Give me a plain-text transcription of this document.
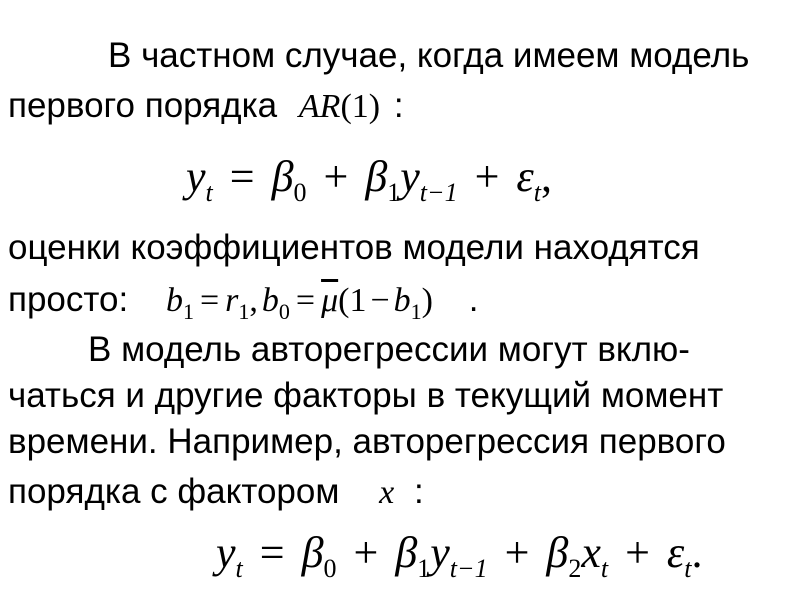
В частном случае, когда имеем модель
первого порядка AR(1) :
$y_t = \beta_0 + \beta_1y_{t-1} + \varepsilon_t$,
оценки коэффициентов модели находятся
просто: $b_1 = r_1$, $b_0 = \overline{\mu}(1 - b_1)$ .
В модель авторегрессии могут вклю-
чаться и другие факторы в текущий момент
времени. Например, авторегрессия первого
порядка с фактором x :
$y_t = \beta_0 + \beta_1y_{t-1} + \beta_2x_t + \varepsilon_t$.
